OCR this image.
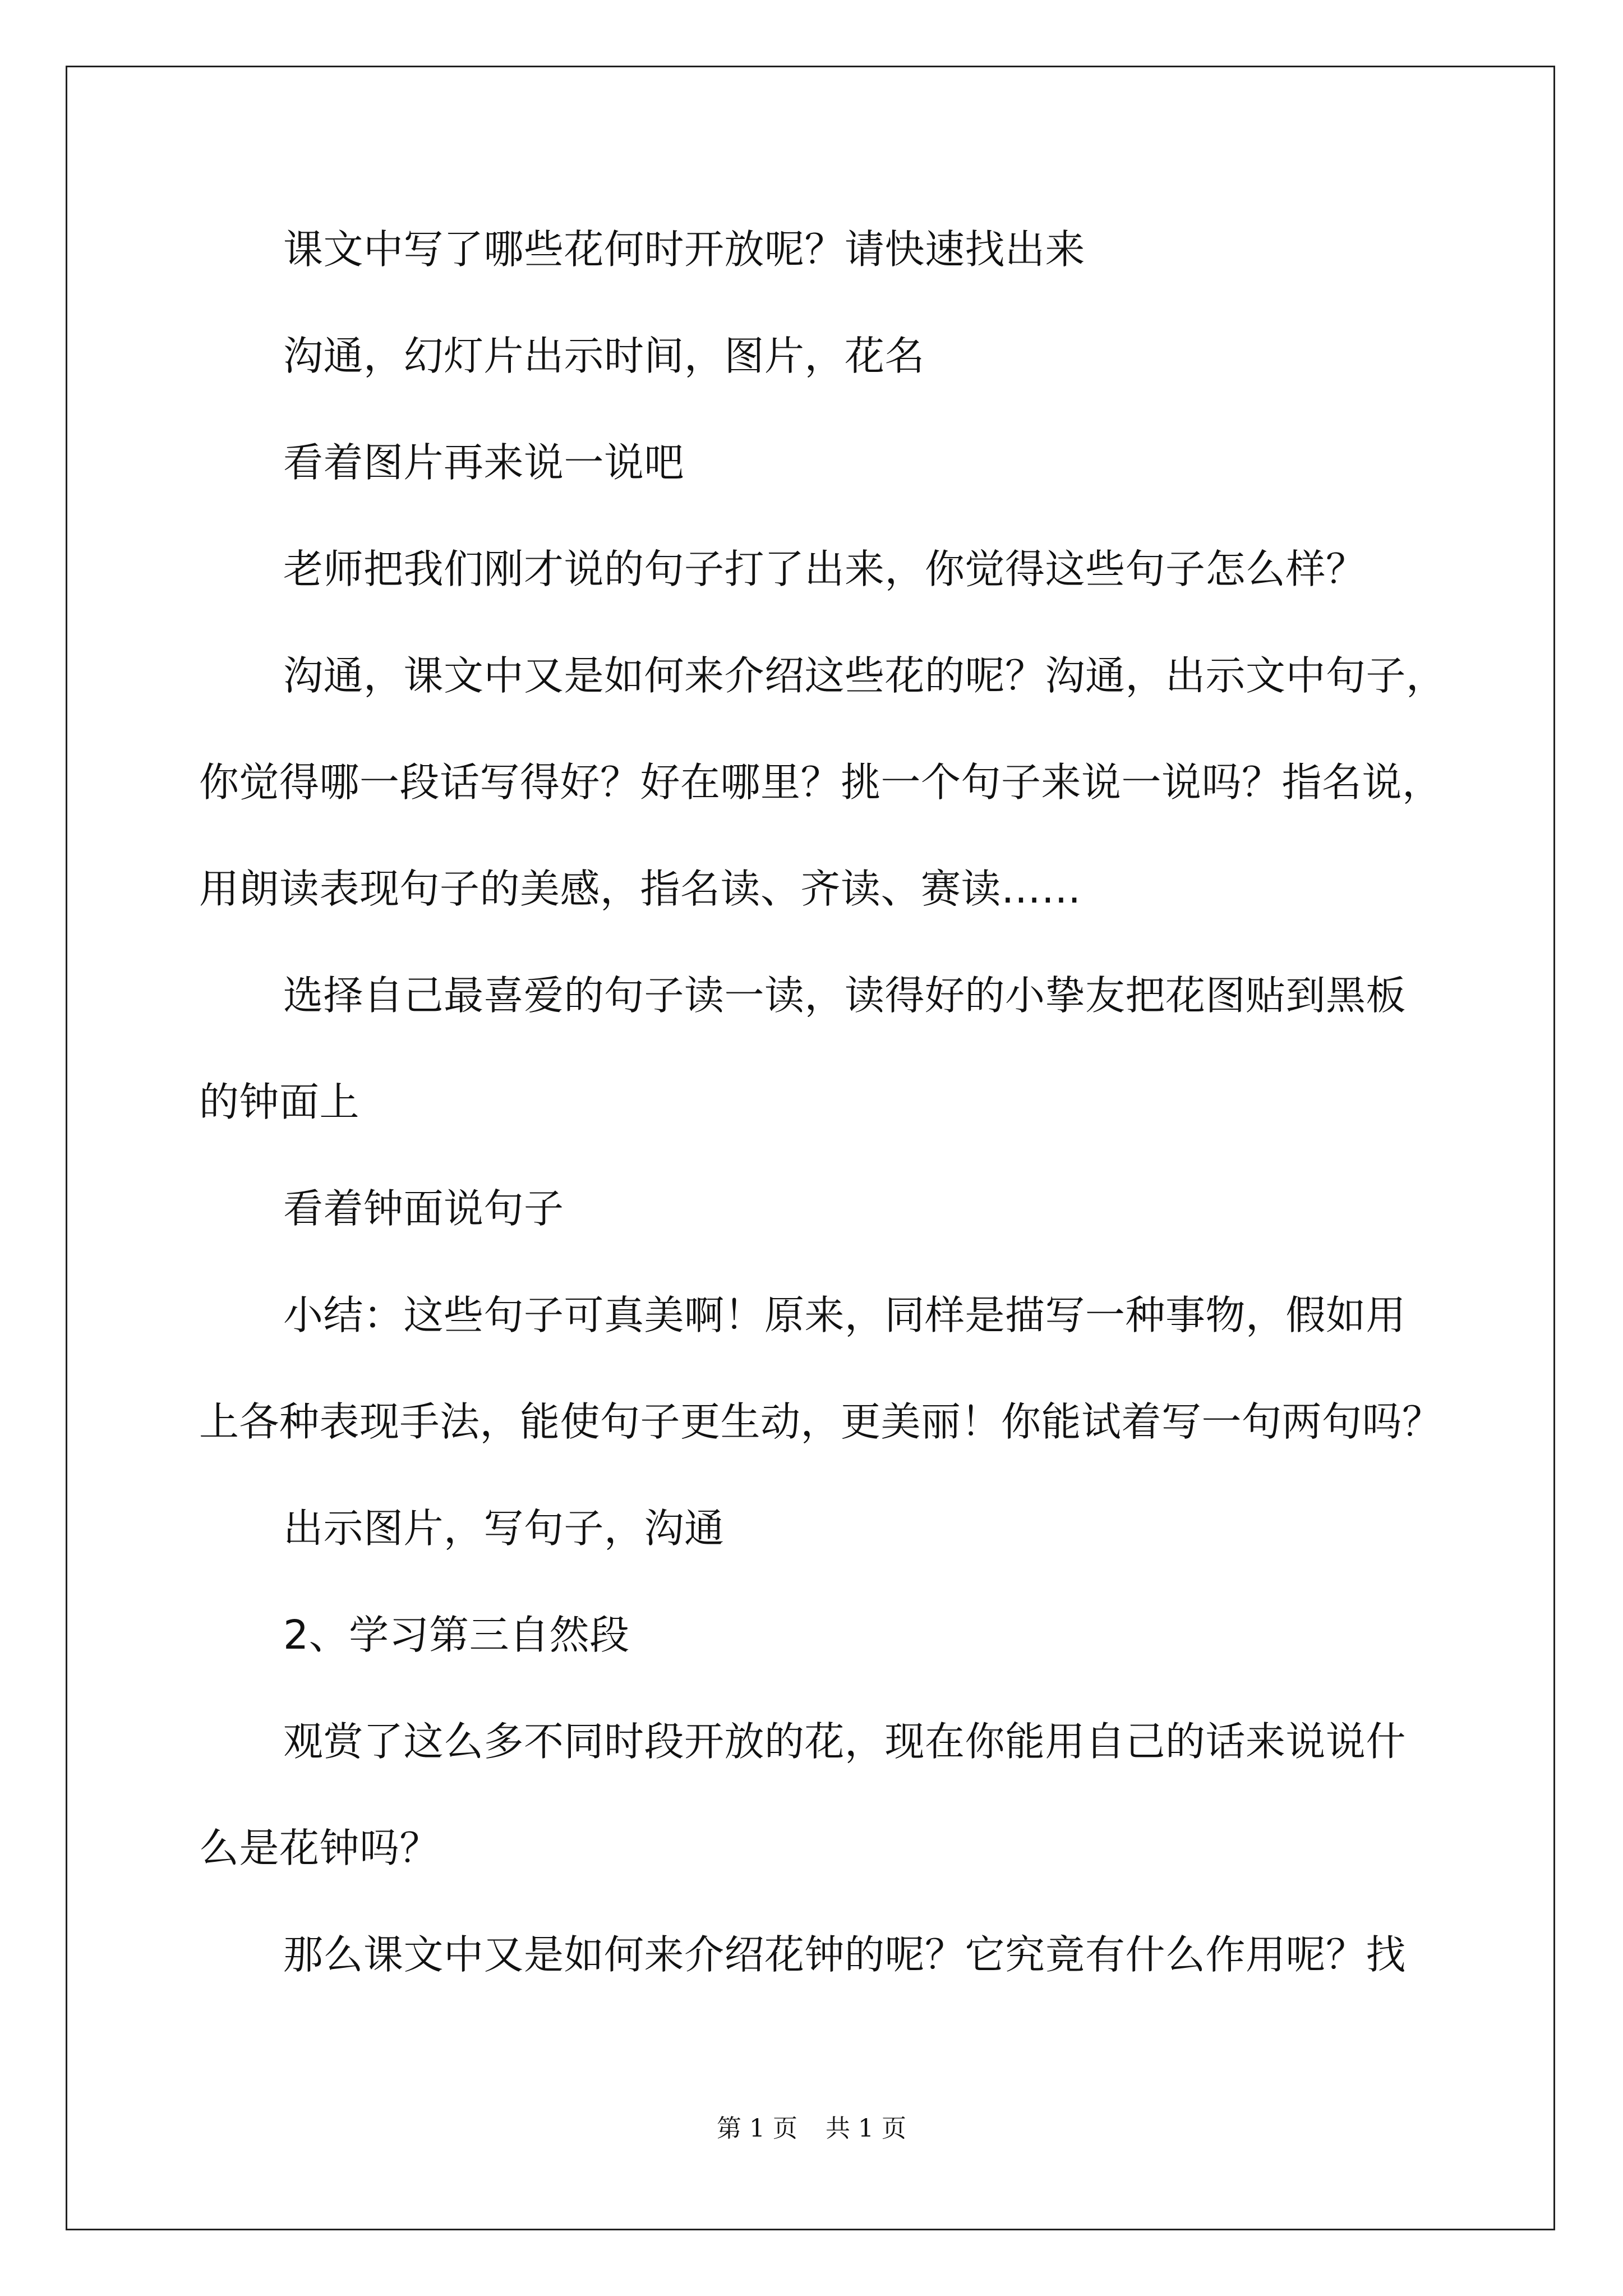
课文中写了哪些花何时开放呢？请快速找出来
沟通，幻灯片出示时间，图片，花名
看着图片再来说一说吧
老师把我们刚才说的句子打了出来，你觉得这些句子怎么样？
沟通，课文中又是如何来介绍这些花的呢？沟通，出示文中句子，
你觉得哪一段话写得好？好在哪里？挑一个句子来说一说吗？指名说，
用朗读表现句子的美感，指名读、齐读、赛读……
选择自己最喜爱的句子读一读，读得好的小挚友把花图贴到黑板
的钟面上
看着钟面说句子
小结：这些句子可真美啊！原来，同样是描写一种事物，假如用
上各种表现手法，能使句子更生动，更美丽！你能试着写一句两句吗？
出示图片，写句子，沟通
2、学习第三自然段
观赏了这么多不同时段开放的花，现在你能用自己的话来说说什
么是花钟吗？
那么课文中又是如何来介绍花钟的呢？它究竟有什么作用呢？找
第 1 页 共 1 页
